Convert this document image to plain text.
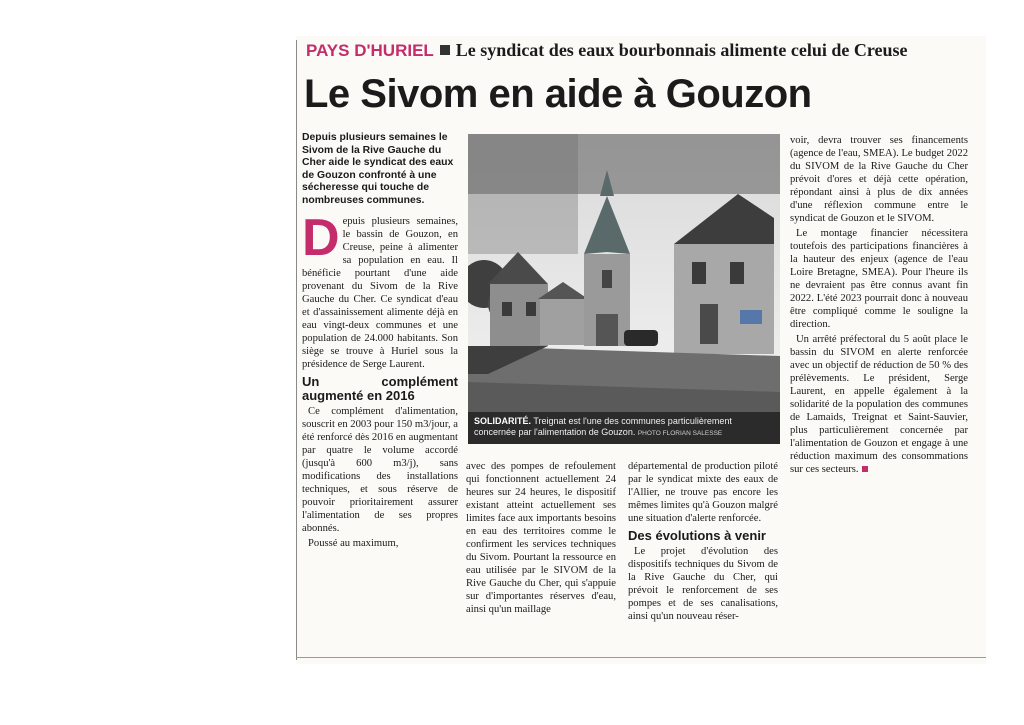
PAYS D'HURIEL Le syndicat des eaux bourbonnais alimente celui de Creuse
Le Sivom en aide à Gouzon
Depuis plusieurs semaines le Sivom de la Rive Gauche du Cher aide le syndicat des eaux de Gouzon confronté à une sécheresse qui touche de nombreuses communes.

Depuis plusieurs semaines, le bassin de Gouzon, en Creuse, peine à alimenter sa population en eau. Il bénéficie pourtant d'une aide provenant du Sivom de la Rive Gauche du Cher. Ce syndicat d'eau et d'assainissement alimente déjà en eau vingt-deux communes et une population de 24.000 habitants. Son siège se trouve à Huriel sous la présidence de Serge Laurent.

Un complément augmenté en 2016

Ce complément d'alimentation, souscrit en 2003 pour 150 m3/jour, a été renforcé dès 2016 en augmentant par quatre le volume accordé (jusqu'à 600 m3/j), sans modifications des installations techniques, et sous réserve de pouvoir prioritairement assurer l'alimentation de ses propres abonnés.

Poussé au maximum,

SOLIDARITÉ. Treignat est l'une des communes particulièrement concernée par l'alimentation de Gouzon. PHOTO FLORIAN SALESSE

avec des pompes de refoulement qui fonctionnent actuellement 24 heures sur 24 heures, le dispositif existant atteint actuellement ses limites face aux importants besoins en eau des territoires comme le confirment les services techniques du Sivom. Pourtant la ressource en eau utilisée par le SIVOM de la Rive Gauche du Cher, qui s'appuie sur d'importantes réserves d'eau, ainsi qu'un maillage

départemental de production piloté par le syndicat mixte des eaux de l'Allier, ne trouve pas encore les mêmes limites qu'à Gouzon malgré une situation d'alerte renforcée.

Des évolutions à venir

Le projet d'évolution des dispositifs techniques du Sivom de la Rive Gauche du Cher, qui prévoit le renforcement de ses pompes et de ses canalisations, ainsi qu'un nouveau réser-

voir, devra trouver ses financements (agence de l'eau, SMEA). Le budget 2022 du SIVOM de la Rive Gauche du Cher prévoit d'ores et déjà cette opération, répondant ainsi à plus de dix années d'une réflexion commune entre le syndicat de Gouzon et le SIVOM.

Le montage financier nécessitera toutefois des participations financières à la hauteur des enjeux (agence de l'eau Loire Bretagne, SMEA). Pour l'heure ils ne devraient pas être connus avant fin 2022. L'été 2023 pourrait donc à nouveau être compliqué comme le souligne la direction.

Un arrêté préfectoral du 5 août place le bassin du SIVOM en alerte renforcée avec un objectif de réduction de 50 % des prélèvements. Le président, Serge Laurent, en appelle également à la solidarité de la population des communes de Lamaids, Treignat et Saint-Sauvier, plus particulièrement concernée par l'alimentation de Gouzon et engage à une réduction maximum des consommations sur ces secteurs.
